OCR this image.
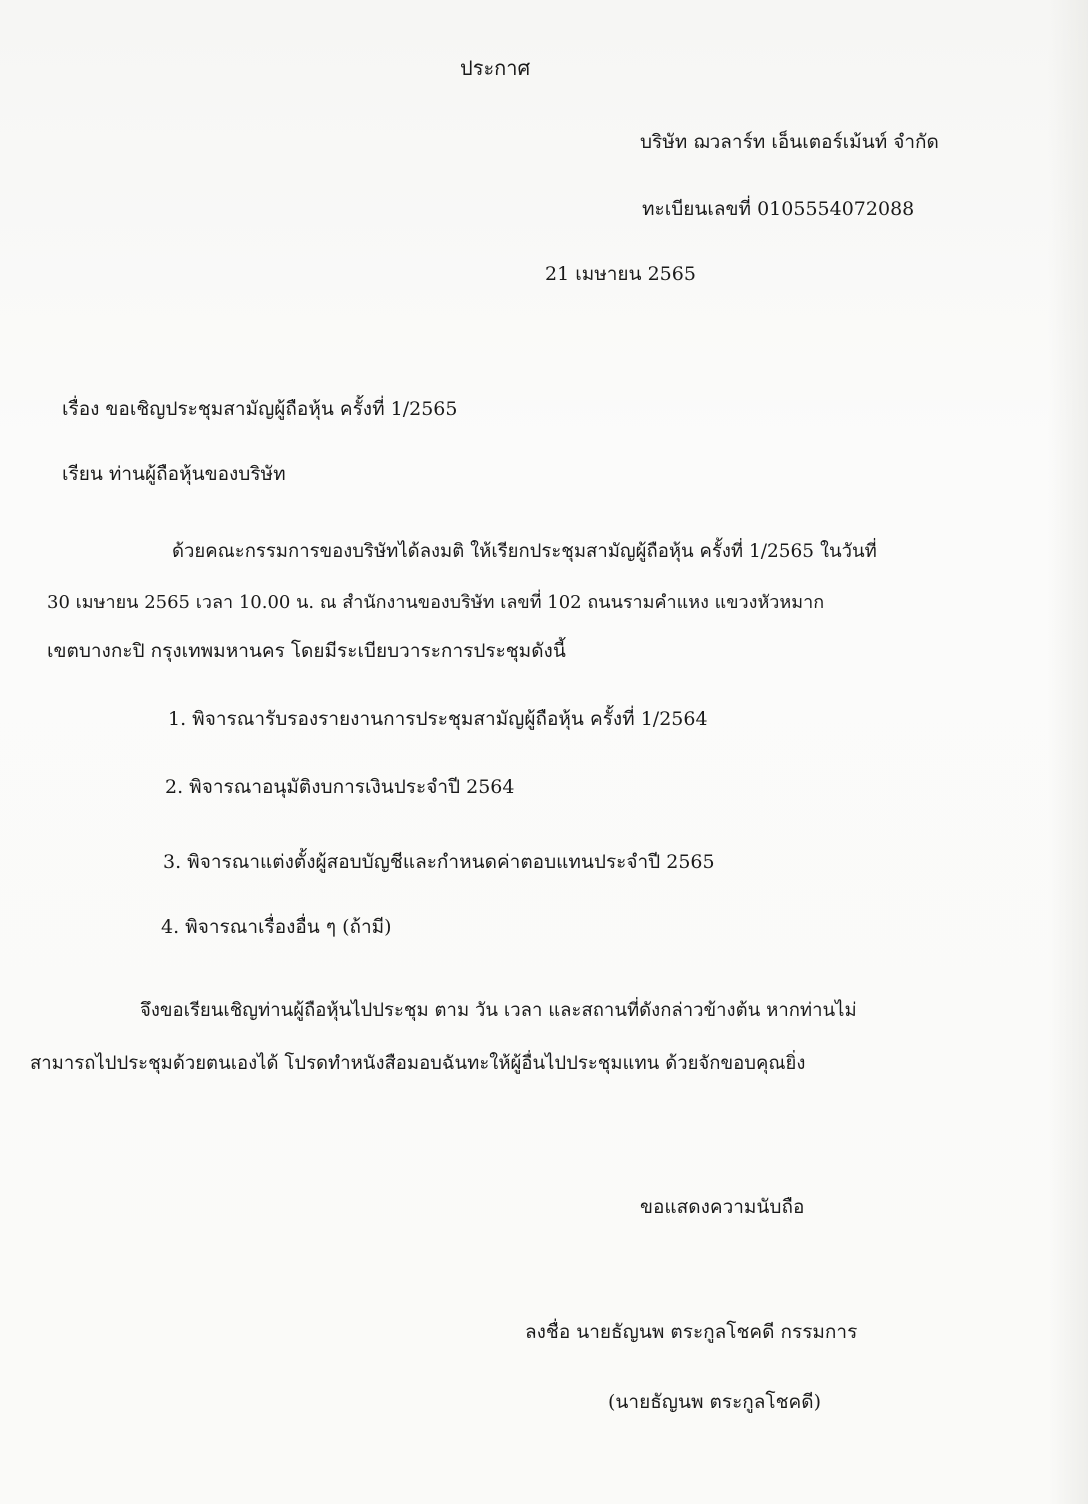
ประกาศ
บริษัท ฌวลาร์ท เอ็นเตอร์เม้นท์ จำกัด
ทะเบียนเลขที่ 0105554072088
21 เมษายน 2565
เรื่อง ขอเชิญประชุมสามัญผู้ถือหุ้น ครั้งที่ 1/2565
เรียน ท่านผู้ถือหุ้นของบริษัท
ด้วยคณะกรรมการของบริษัทได้ลงมติ ให้เรียกประชุมสามัญผู้ถือหุ้น ครั้งที่ 1/2565 ในวันที่
30 เมษายน 2565 เวลา 10.00 น. ณ สำนักงานของบริษัท เลขที่ 102 ถนนรามคำแหง แขวงหัวหมาก
เขตบางกะปิ กรุงเทพมหานคร โดยมีระเบียบวาระการประชุมดังนี้
1. พิจารณารับรองรายงานการประชุมสามัญผู้ถือหุ้น ครั้งที่ 1/2564
2. พิจารณาอนุมัติงบการเงินประจำปี 2564
3. พิจารณาแต่งตั้งผู้สอบบัญชีและกำหนดค่าตอบแทนประจำปี 2565
4. พิจารณาเรื่องอื่น ๆ (ถ้ามี)
จึงขอเรียนเชิญท่านผู้ถือหุ้นไปประชุม ตาม วัน เวลา และสถานที่ดังกล่าวข้างต้น หากท่านไม่
สามารถไปประชุมด้วยตนเองได้ โปรดทำหนังสือมอบฉันทะให้ผู้อื่นไปประชุมแทน ด้วยจักขอบคุณยิ่ง
ขอแสดงความนับถือ
ลงชื่อ นายธัญนพ ตระกูลโชคดี กรรมการ
(นายธัญนพ ตระกูลโชคดี)
